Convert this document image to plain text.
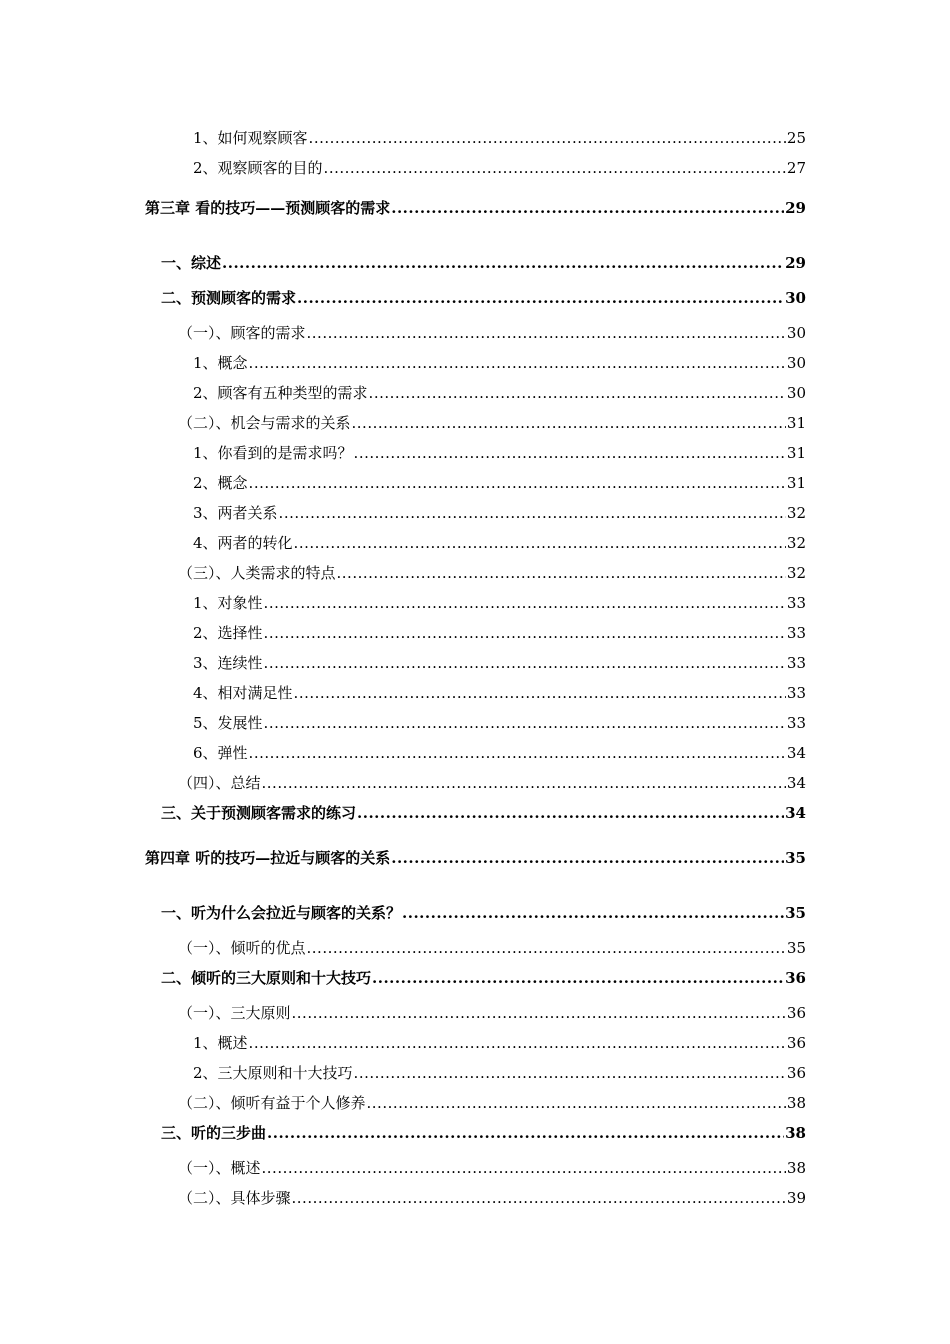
1、如何观察顾客 .....	25
2、观察顾客的目的 .....	27
第三章 看的技巧——预测顾客的需求 .....	29
一、综述 .....	29
二、预测顾客的需求 .....	30
（一）、顾客的需求 .....	30
1、概念 .....	30
2、顾客有五种类型的需求 .....	30
（二）、机会与需求的关系 .....	31
1、你看到的是需求吗？ .....	31
2、概念 .....	31
3、两者关系 .....	32
4、两者的转化 .....	32
（三）、人类需求的特点 .....	32
1、对象性 .....	33
2、选择性 .....	33
3、连续性 .....	33
4、相对满足性 .....	33
5、发展性 .....	33
6、弹性 .....	34
（四）、总结 .....	34
三、关于预测顾客需求的练习 .....	34
第四章 听的技巧—拉近与顾客的关系 .....	35
一、听为什么会拉近与顾客的关系？ .....	35
（一）、倾听的优点 .....	35
二、倾听的三大原则和十大技巧 .....	36
（一）、三大原则 .....	36
1、概述 .....	36
2、三大原则和十大技巧 .....	36
（二）、倾听有益于个人修养 .....	38
三、听的三步曲 .....	38
（一）、概述 .....	38
（二）、具体步骤 .....	39
